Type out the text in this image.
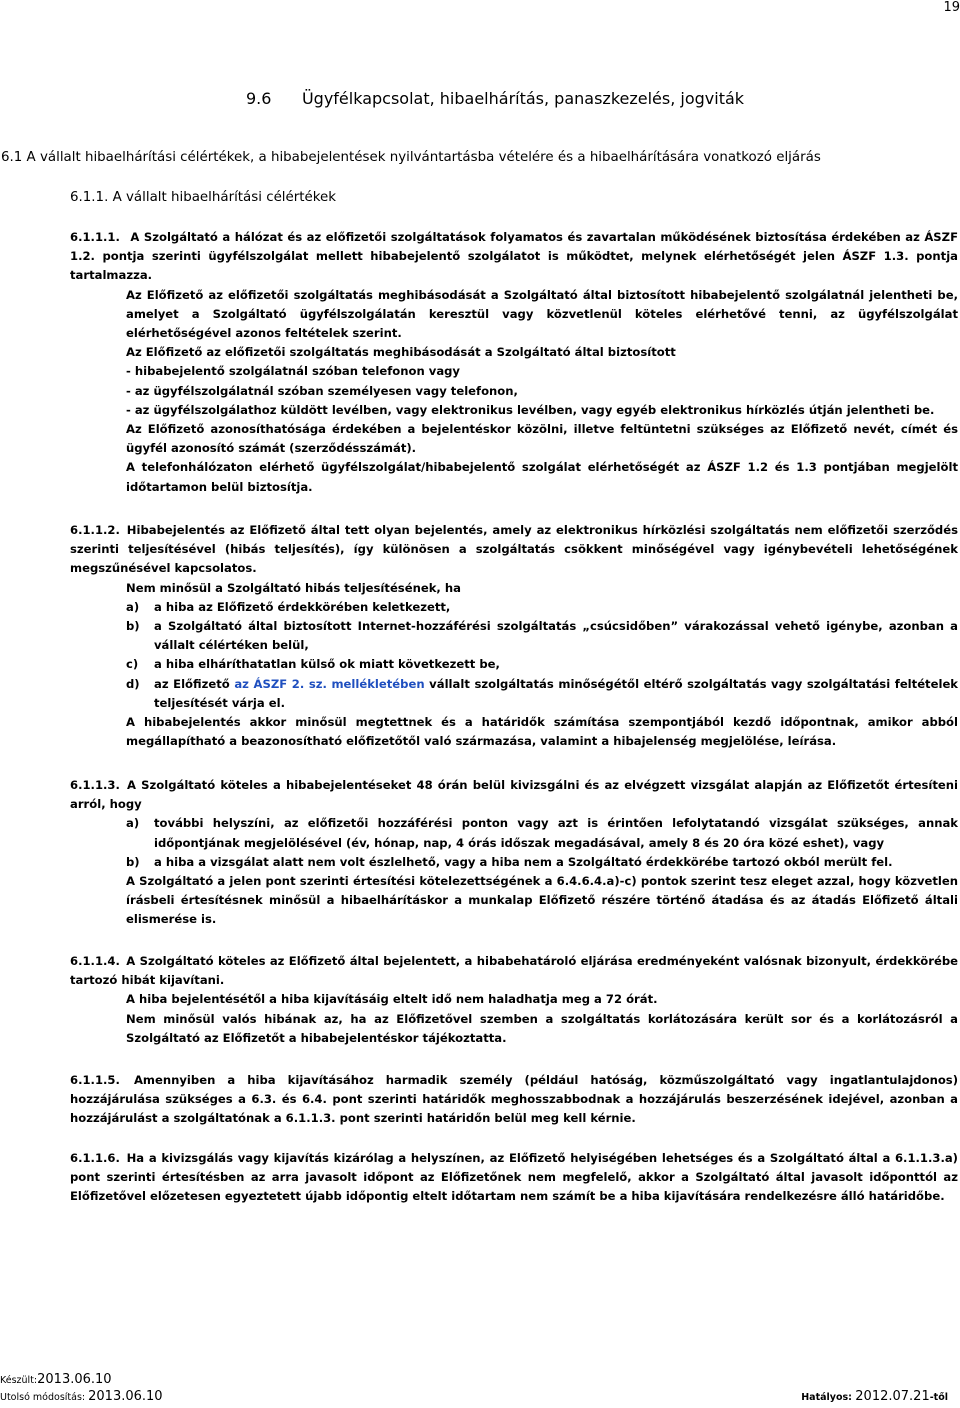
19
9.6      Ügyfélkapcsolat, hibaelhárítás, panaszkezelés, jogviták
6.1 A vállalt hibaelhárítási célértékek, a hibabejelentések nyilvántartásba vételére és a hibaelhárítására vonatkozó eljárás
6.1.1. A vállalt hibaelhárítási célértékek

6.1.1.1. A Szolgáltató a hálózat és az előfizetői szolgáltatások folyamatos és zavartalan működésének biztosítása érdekében az ÁSZF 1.2. pontja szerinti ügyfélszolgálat mellett hibabejelentő szolgálatot is működtet, melynek elérhetőségét jelen ÁSZF 1.3. pontja tartalmazza.

Az Előfizető az előfizetői szolgáltatás meghibásodását a Szolgáltató által biztosított hibabejelentő szolgálatnál jelentheti be, amelyet a Szolgáltató ügyfélszolgálatán keresztül vagy közvetlenül köteles elérhetővé tenni, az ügyfélszolgálat elérhetőségével azonos feltételek szerint.

Az Előfizető az előfizetői szolgáltatás meghibásodását a Szolgáltató által biztosított

- hibabejelentő szolgálatnál szóban telefonon vagy

- az ügyfélszolgálatnál szóban személyesen vagy telefonon,

- az ügyfélszolgálathoz küldött levélben, vagy elektronikus levélben, vagy egyéb elektronikus hírközlés útján jelentheti be.

Az Előfizető azonosíthatósága érdekében a bejelentéskor közölni, illetve feltüntetni szükséges az Előfizető nevét, címét és ügyfél azonosító számát (szerződésszámát).

A telefonhálózaton elérhető ügyfélszolgálat/hibabejelentő szolgálat elérhetőségét az ÁSZF 1.2 és 1.3 pontjában megjelölt időtartamon belül biztosítja.

6.1.1.2. Hibabejelentés az Előfizető által tett olyan bejelentés, amely az elektronikus hírközlési szolgáltatás nem előfizetői szerződés szerinti teljesítésével (hibás teljesítés), így különösen a szolgáltatás csökkent minőségével vagy igénybevételi lehetőségének megszűnésével kapcsolatos.

Nem minősül a Szolgáltató hibás teljesítésének, ha

a)	a hiba az Előfizető érdekkörében keletkezett,
b)	a Szolgáltató által biztosított Internet-hozzáférési szolgáltatás „csúcsidőben” várakozással vehető igénybe, azonban a vállalt célértéken belül,
c)	a hiba elháríthatatlan külső ok miatt következett be,
d)	az Előfizető az ÁSZF 2. sz. mellékletében vállalt szolgáltatás minőségétől eltérő szolgáltatás vagy szolgáltatási feltételek teljesítését várja el.

A hibabejelentés akkor minősül megtettnek és a határidők számítása szempontjából kezdő időpontnak, amikor abból megállapítható a beazonosítható előfizetőtől való származása, valamint a hibajelenség megjelölése, leírása.

6.1.1.3. A Szolgáltató köteles a hibabejelentéseket 48 órán belül kivizsgálni és az elvégzett vizsgálat alapján az Előfizetőt értesíteni arról, hogy

a)	további helyszíni, az előfizetői hozzáférési ponton vagy azt is érintően lefolytatandó vizsgálat szükséges, annak időpontjának megjelölésével (év, hónap, nap, 4 órás időszak megadásával, amely 8 és 20 óra közé eshet), vagy
b)	a hiba a vizsgálat alatt nem volt észlelhető, vagy a hiba nem a Szolgáltató érdekkörébe tartozó okból merült fel.

A Szolgáltató a jelen pont szerinti értesítési kötelezettségének a 6.4.6.4.a)-c) pontok szerint tesz eleget azzal, hogy közvetlen írásbeli értesítésnek minősül a hibaelhárításkor a munkalap Előfizető részére történő átadása és az átadás Előfizető általi elismerése is.

6.1.1.4. A Szolgáltató köteles az Előfizető által bejelentett, a hibabehatároló eljárása eredményeként valósnak bizonyult, érdekkörébe tartozó hibát kijavítani.

A hiba bejelentésétől a hiba kijavításáig eltelt idő nem haladhatja meg a 72 órát.

Nem minősül valós hibának az, ha az Előfizetővel szemben a szolgáltatás korlátozására került sor és a korlátozásról a Szolgáltató az Előfizetőt a hibabejelentéskor tájékoztatta.

6.1.1.5. Amennyiben a hiba kijavításához harmadik személy (például hatóság, közműszolgáltató vagy ingatlantulajdonos) hozzájárulása szükséges a 6.3. és 6.4. pont szerinti határidők meghosszabbodnak a hozzájárulás beszerzésének idejével, azonban a hozzájárulást a szolgáltatónak a 6.1.1.3. pont szerinti határidőn belül meg kell kérnie.

6.1.1.6. Ha a kivizsgálás vagy kijavítás kizárólag a helyszínen, az Előfizető helyiségében lehetséges és a Szolgáltató által a 6.1.1.3.a) pont szerinti értesítésben az arra javasolt időpont az Előfizetőnek nem megfelelő, akkor a Szolgáltató által javasolt időponttól az Előfizetővel előzetesen egyeztetett újabb időpontig eltelt időtartam nem számít be a hiba kijavítására rendelkezésre álló határidőbe.

Készült:2013.06.10
Utolsó módosítás: 2013.06.10	Hatályos: 2012.07.21-től
